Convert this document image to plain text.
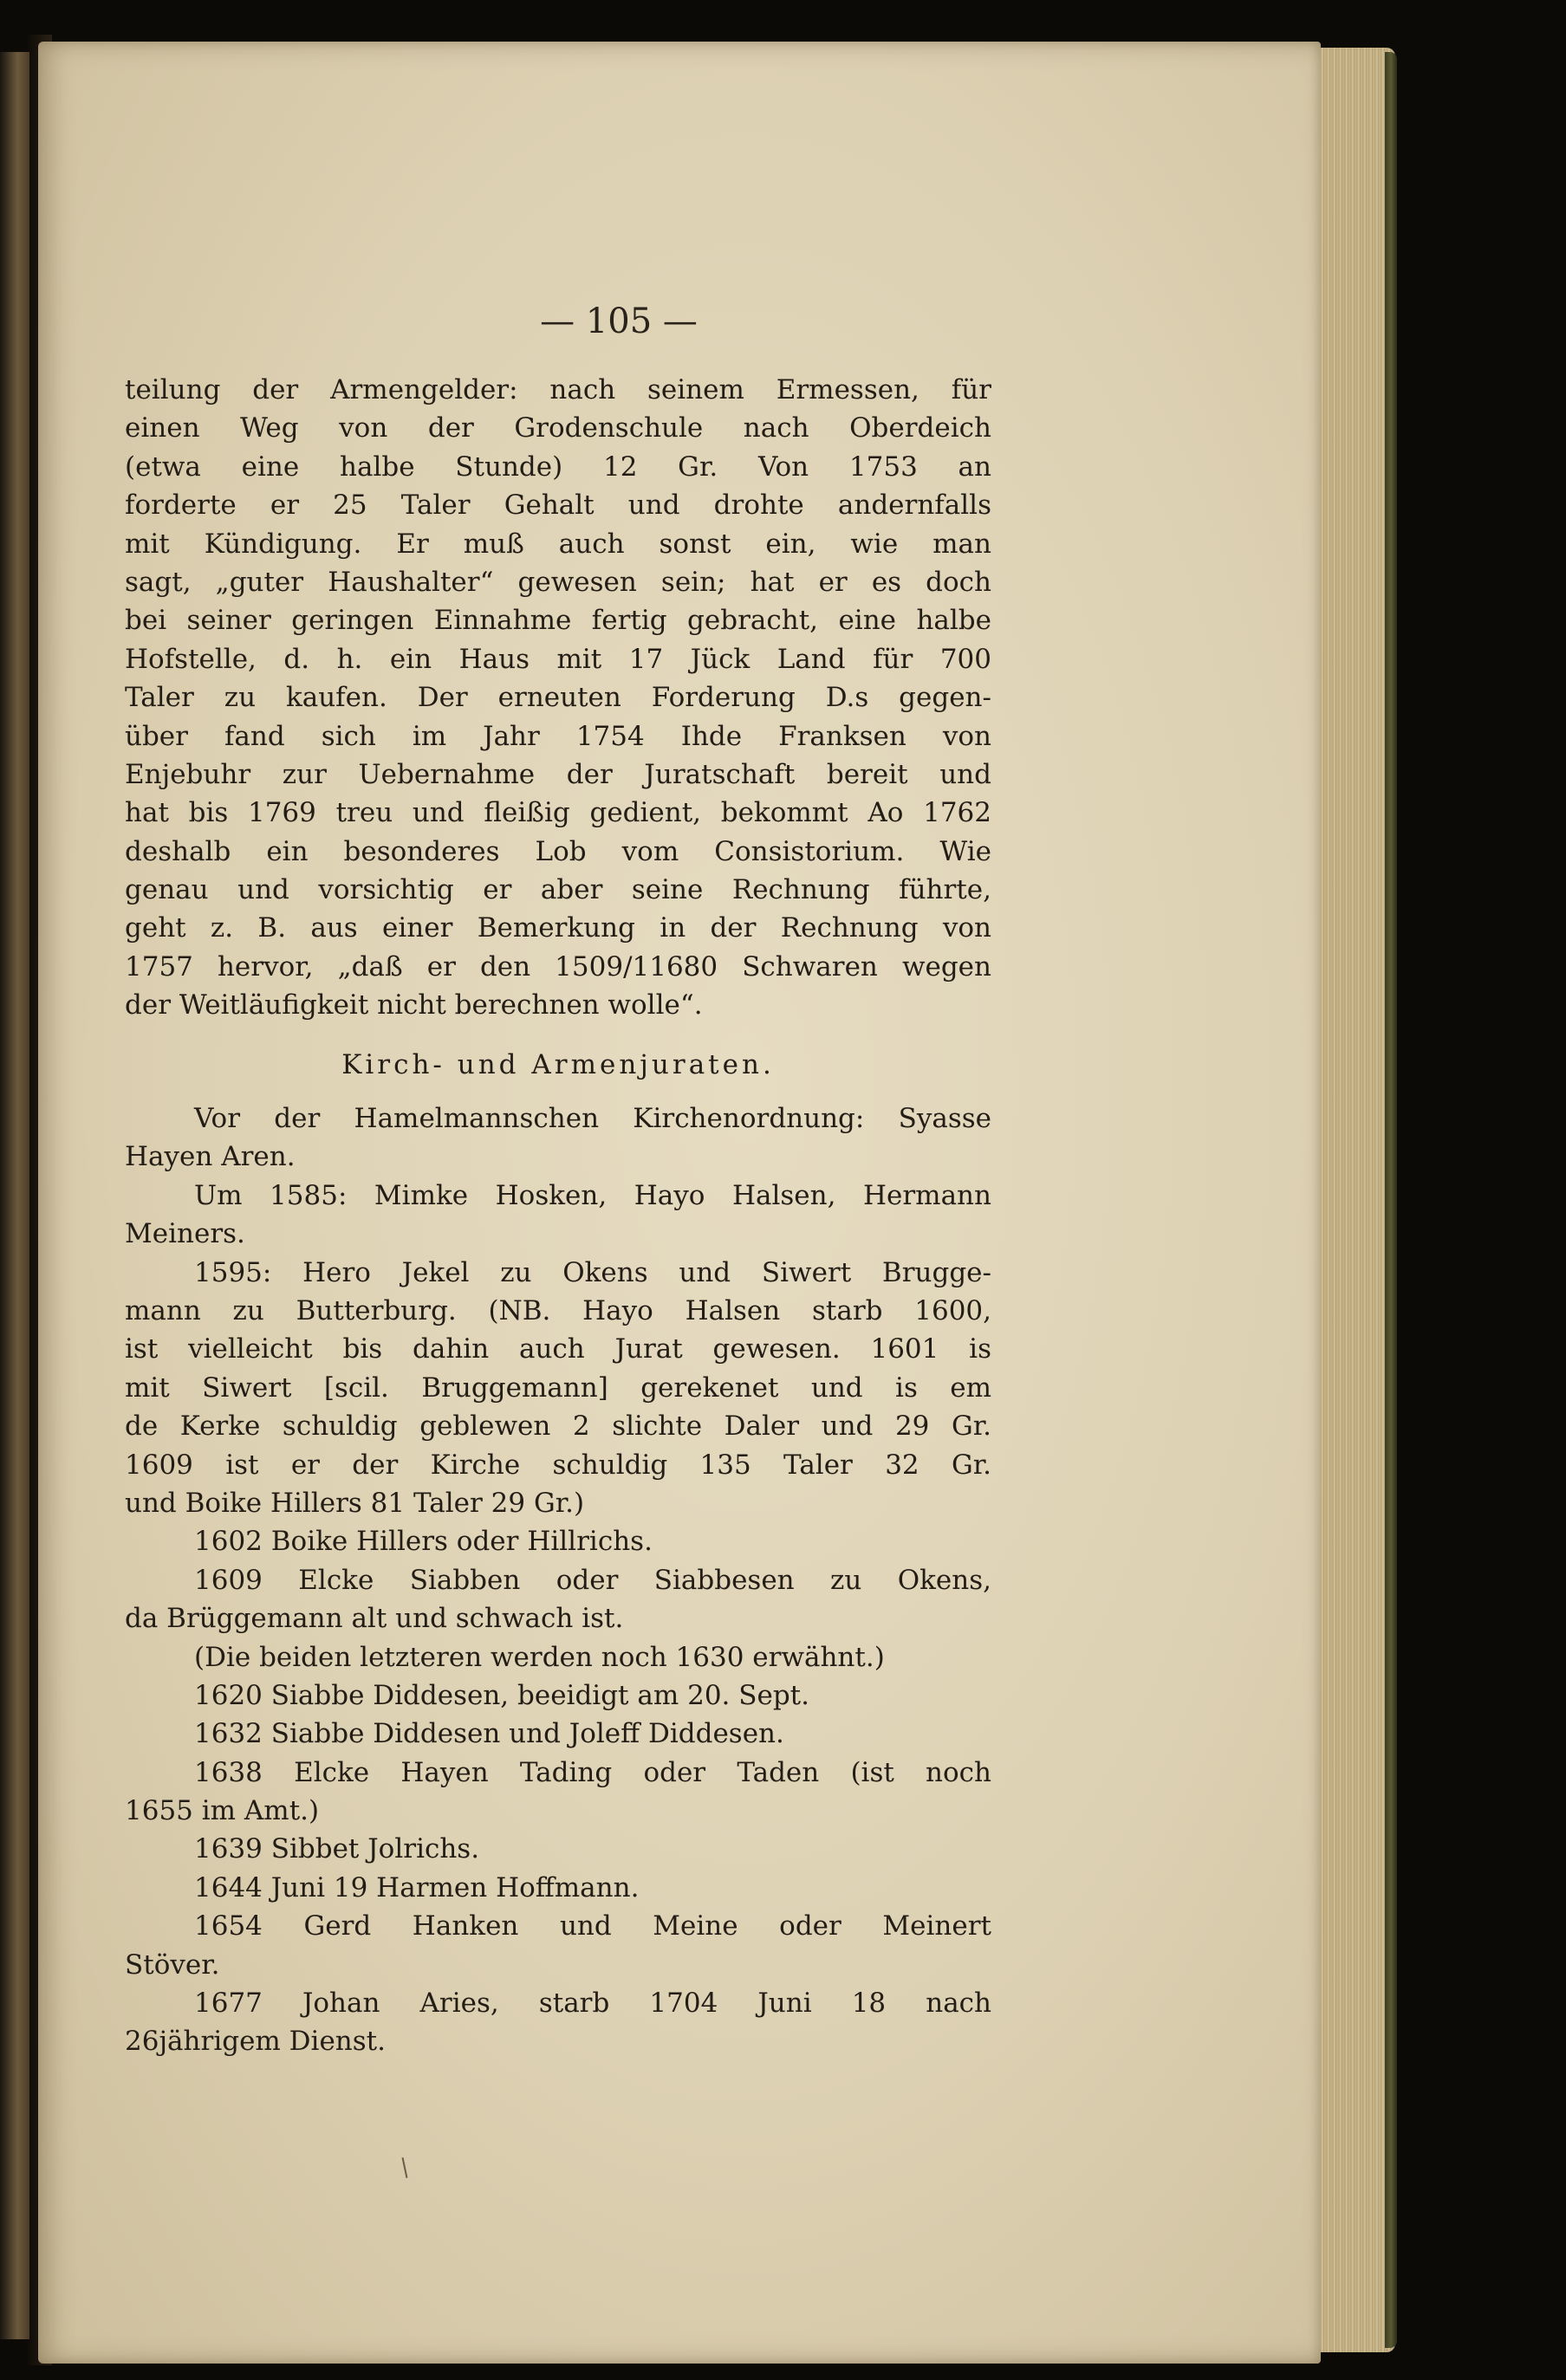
— 105 —
teilung der Armengelder: nach seinem Ermessen, für
einen Weg von der Grodenschule nach Oberdeich
(etwa eine halbe Stunde) 12 Gr. Von 1753 an
forderte er 25 Taler Gehalt und drohte andernfalls
mit Kündigung. Er muß auch sonst ein, wie man
sagt, „guter Haushalter“ gewesen sein; hat er es doch
bei seiner geringen Einnahme fertig gebracht, eine halbe
Hofstelle, d. h. ein Haus mit 17 Jück Land für 700
Taler zu kaufen. Der erneuten Forderung D.s gegen-
über fand sich im Jahr 1754 Ihde Franksen von
Enjebuhr zur Uebernahme der Juratschaft bereit und
hat bis 1769 treu und fleißig gedient, bekommt Ao 1762
deshalb ein besonderes Lob vom Consistorium. Wie
genau und vorsichtig er aber seine Rechnung führte,
geht z. B. aus einer Bemerkung in der Rechnung von
1757 hervor, „daß er den 1509/11680 Schwaren wegen
der Weitläufigkeit nicht berechnen wolle“.
Kirch- und Armenjuraten.
Vor der Hamelmannschen Kirchenordnung: Syasse
Hayen Aren.
Um 1585: Mimke Hosken, Hayo Halsen, Hermann
Meiners.
1595: Hero Jekel zu Okens und Siwert Brugge-
mann zu Butterburg. (NB. Hayo Halsen starb 1600,
ist vielleicht bis dahin auch Jurat gewesen. 1601 is
mit Siwert [scil. Bruggemann] gerekenet und is em
de Kerke schuldig geblewen 2 slichte Daler und 29 Gr.
1609 ist er der Kirche schuldig 135 Taler 32 Gr.
und Boike Hillers 81 Taler 29 Gr.)
1602 Boike Hillers oder Hillrichs.
1609 Elcke Siabben oder Siabbesen zu Okens,
da Brüggemann alt und schwach ist.
(Die beiden letzteren werden noch 1630 erwähnt.)
1620 Siabbe Diddesen, beeidigt am 20. Sept.
1632 Siabbe Diddesen und Joleff Diddesen.
1638 Elcke Hayen Tading oder Taden (ist noch
1655 im Amt.)
1639 Sibbet Jolrichs.
1644 Juni 19 Harmen Hoffmann.
1654 Gerd Hanken und Meine oder Meinert
Stöver.
1677 Johan Aries, starb 1704 Juni 18 nach
26jährigem Dienst.
